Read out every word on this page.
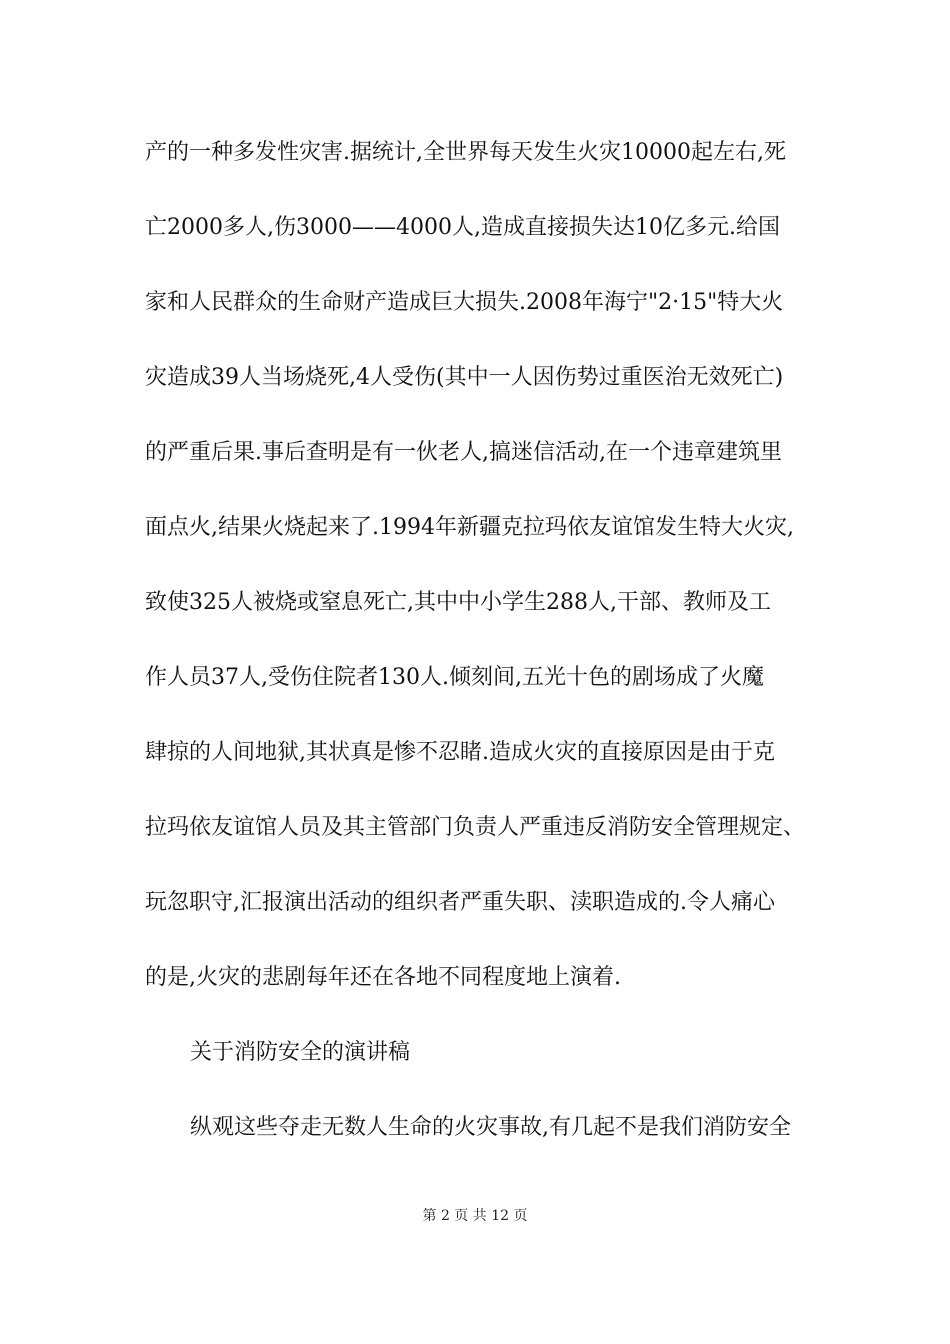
产的一种多发性灾害.据统计,全世界每天发生火灾10000起左右,死
亡2000多人,伤3000——4000人,造成直接损失达10亿多元.给国
家和人民群众的生命财产造成巨大损失.2008年海宁"2·15"特大火
灾造成39人当场烧死,4人受伤(其中一人因伤势过重医治无效死亡)
的严重后果.事后查明是有一伙老人,搞迷信活动,在一个违章建筑里
面点火,结果火烧起来了.1994年新疆克拉玛依友谊馆发生特大火灾,
致使325人被烧或窒息死亡,其中中小学生288人,干部、教师及工
作人员37人,受伤住院者130人.倾刻间,五光十色的剧场成了火魔
肆掠的人间地狱,其状真是惨不忍睹.造成火灾的直接原因是由于克
拉玛依友谊馆人员及其主管部门负责人严重违反消防安全管理规定、
玩忽职守,汇报演出活动的组织者严重失职、渎职造成的.令人痛心
的是,火灾的悲剧每年还在各地不同程度地上演着.
关于消防安全的演讲稿
纵观这些夺走无数人生命的火灾事故,有几起不是我们消防安全
第 2 页 共 12 页
